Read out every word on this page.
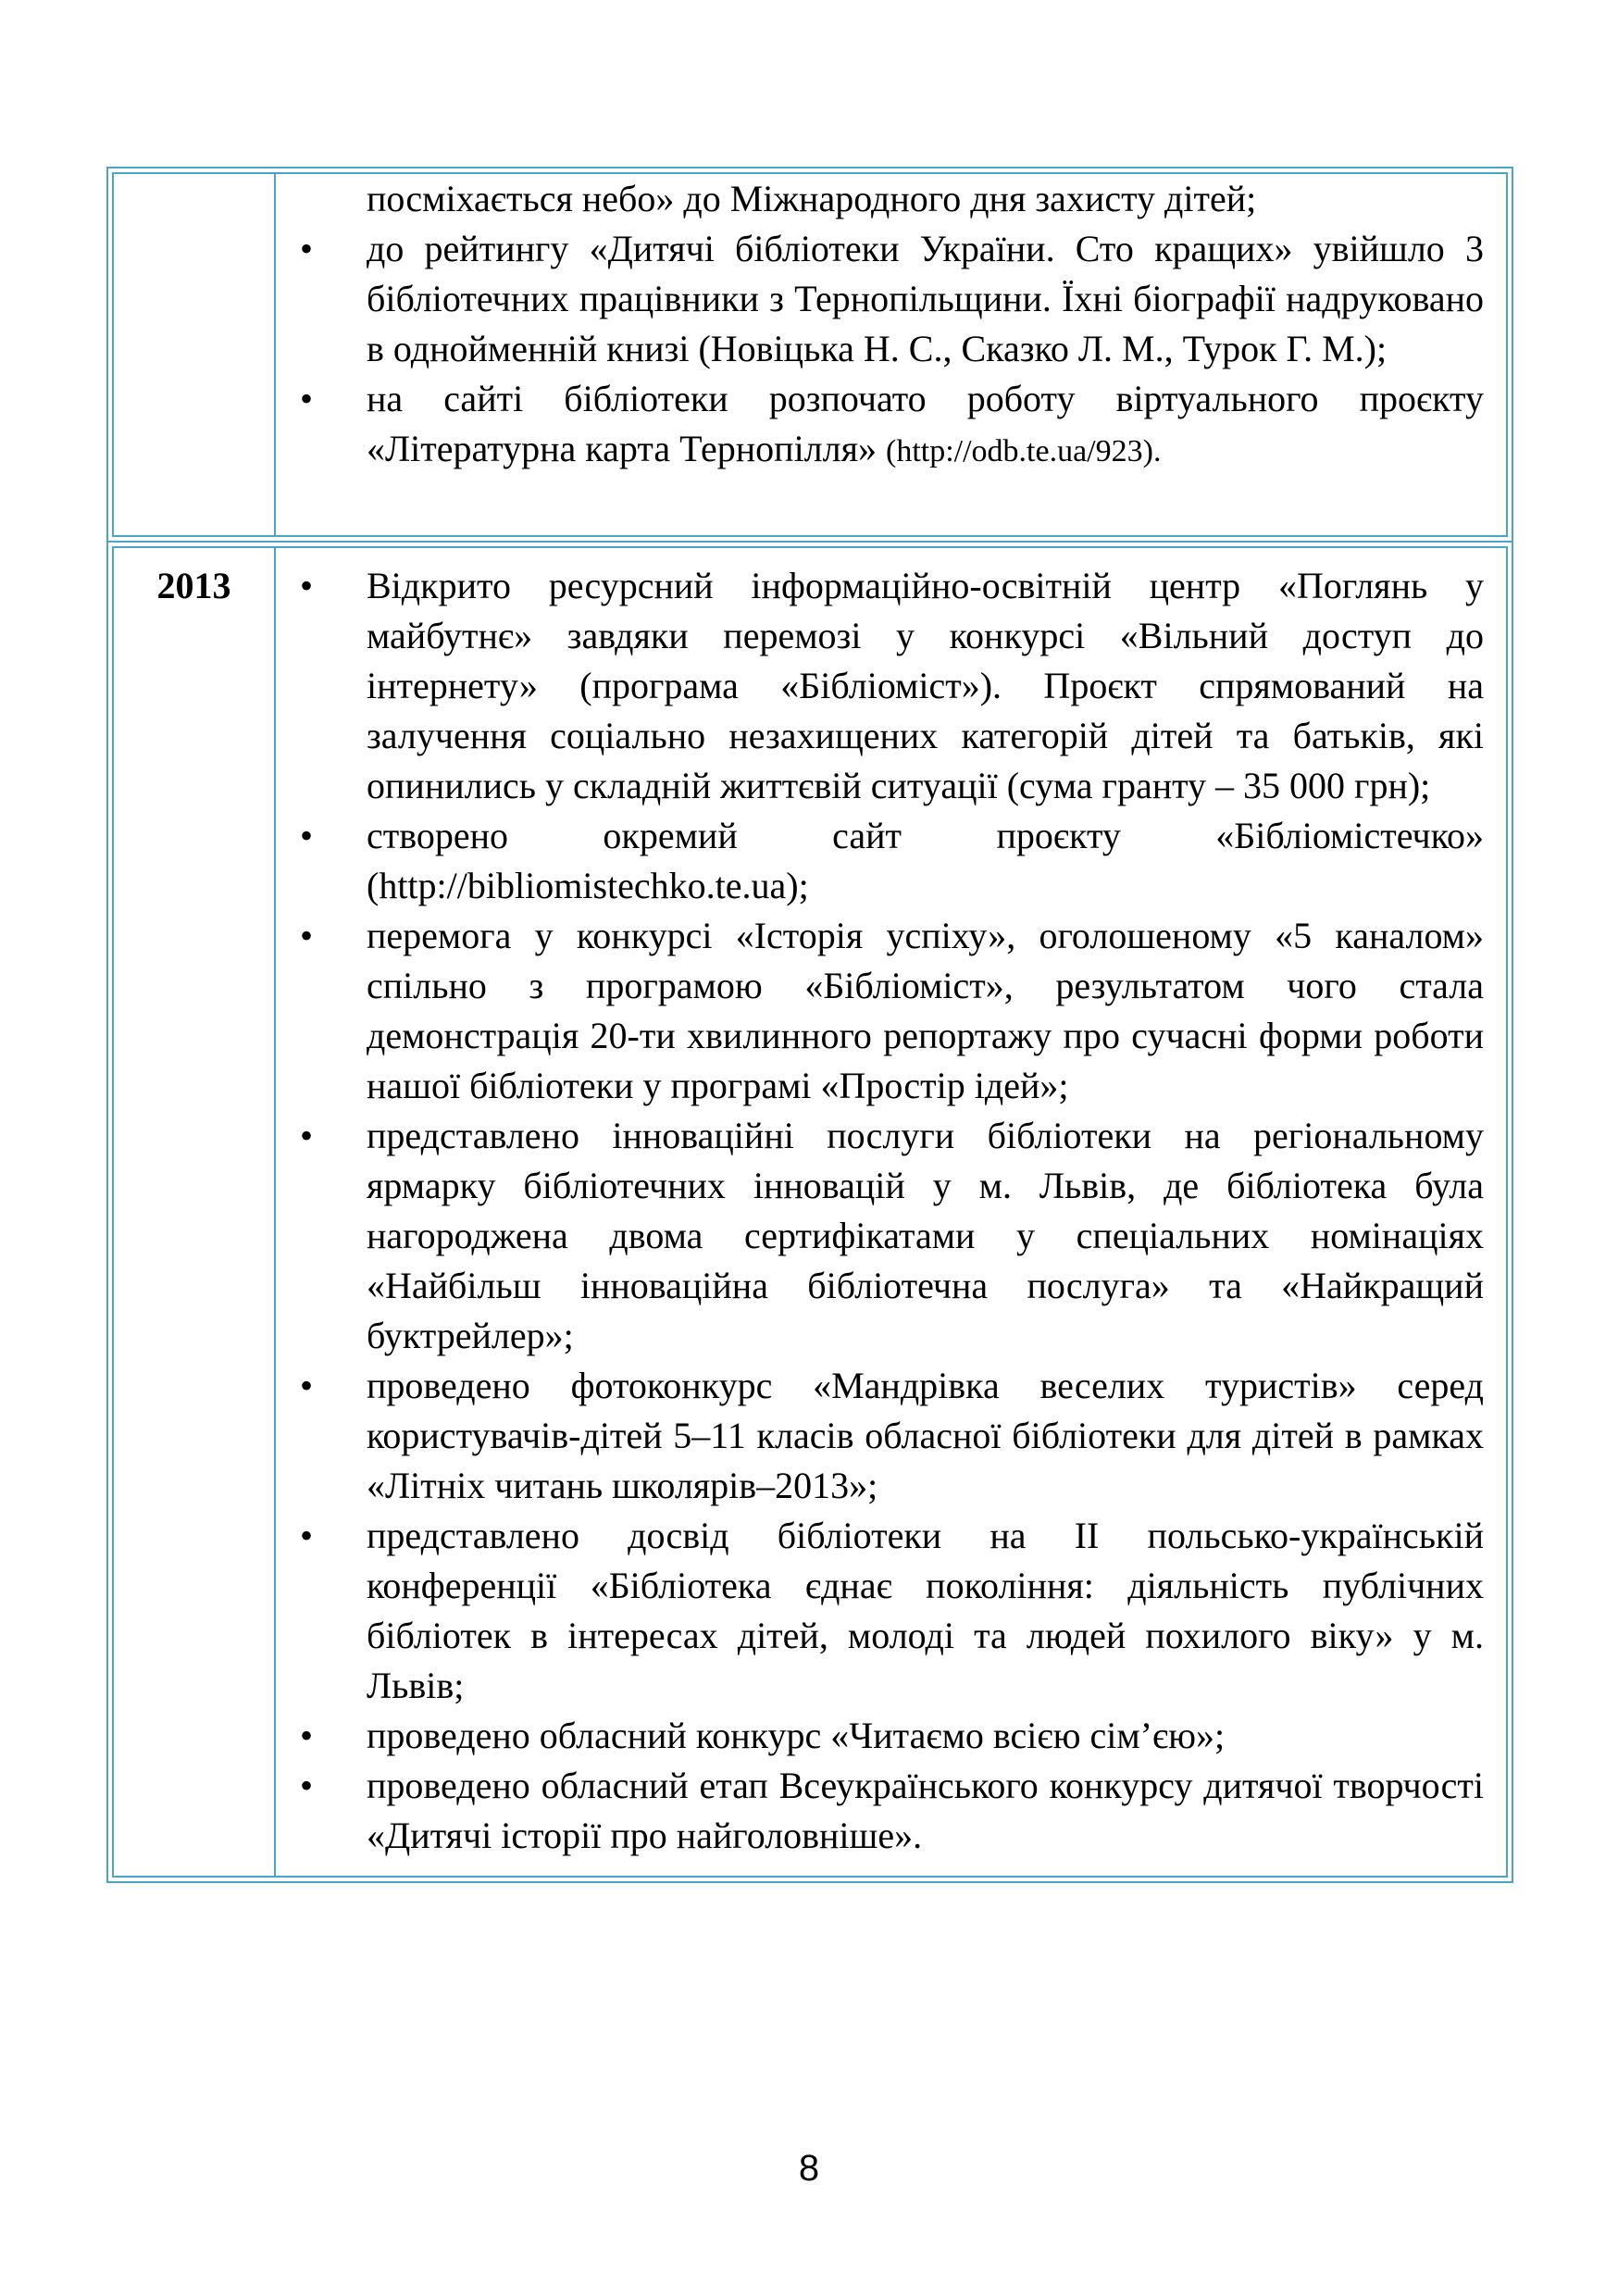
посміхається небо» до Міжнародного дня захисту дітей;

• до рейтингу «Дитячі бібліотеки України. Сто кращих» увійшло 3 бібліотечних працівники з Тернопільщини. Їхні біографії надруковано в однойменній книзі (Новіцька Н. С., Сказко Л. М., Турок Г. М.);
• на сайті бібліотеки розпочато роботу віртуального проєкту «Літературна карта Тернопілля» (http://odb.te.ua/923).
2013	• Відкрито ресурсний інформаційно-освітній центр «Поглянь у майбутнє» завдяки перемозі у конкурсі «Вільний доступ до інтернету» (програма «Бібліоміст»). Проєкт спрямований на залучення соціально незахищених категорій дітей та батьків, які опинились у складній життєвій ситуації (сума гранту – 35 000 грн);
• створено окремий сайт проєкту «Бібліомістечко» (http://bibliomistechko.te.ua);
• перемога у конкурсі «Історія успіху», оголошеному «5 каналом» спільно з програмою «Бібліоміст», результатом чого стала демонстрація 20-ти хвилинного репортажу про сучасні форми роботи нашої бібліотеки у програмі «Простір ідей»;
• представлено інноваційні послуги бібліотеки на регіональному ярмарку бібліотечних інновацій у м. Львів, де бібліотека була нагороджена двома сертифікатами у спеціальних номінаціях «Найбільш інноваційна бібліотечна послуга» та «Найкращий буктрейлер»;
• проведено фотоконкурс «Мандрівка веселих туристів» серед користувачів-дітей 5–11 класів обласної бібліотеки для дітей в рамках «Літніх читань школярів–2013»;
• представлено досвід бібліотеки на ІІ польсько-українській конференції «Бібліотека єднає покоління: діяльність публічних бібліотек в інтересах дітей, молоді та людей похилого віку» у м. Львів;
• проведено обласний конкурс «Читаємо всією сім’єю»;
• проведено обласний етап Всеукраїнського конкурсу дитячої творчості «Дитячі історії про найголовніше».
8
